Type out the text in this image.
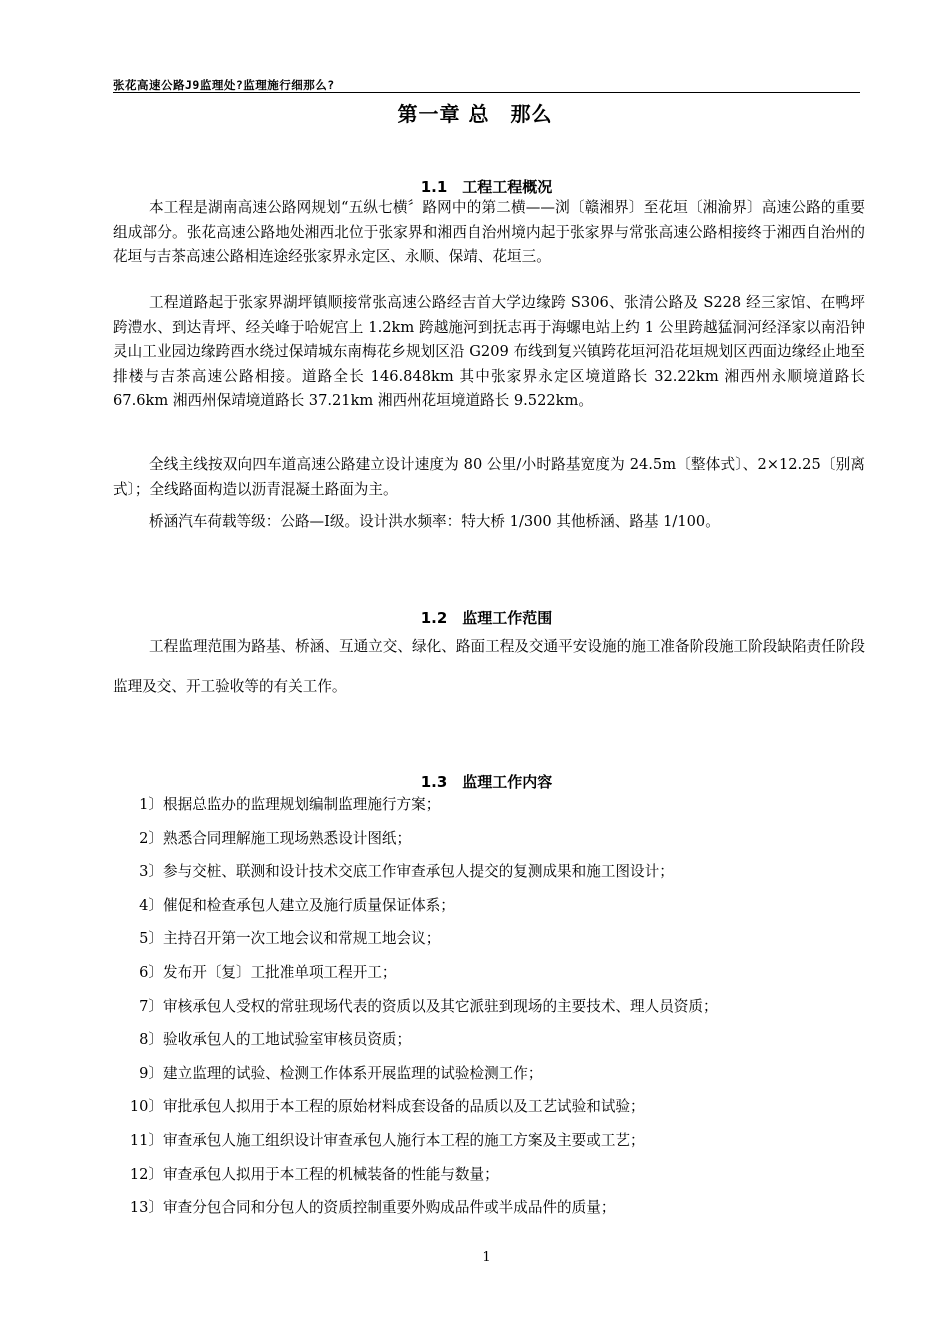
张花高速公路J9监理处?监理施行细那么?
第一章 总　那么
1.1　工程工程概况

本工程是湖南高速公路网规划“五纵七横〞路网中的第二横——浏〔赣湘界〕至花垣〔湘渝界〕高速公路的重要组成部分。张花高速公路地处湘西北位于张家界和湘西自治州境内起于张家界与常张高速公路相接终于湘西自治州的花垣与吉茶高速公路相连途经张家界永定区、永顺、保靖、花垣三。

工程道路起于张家界湖坪镇顺接常张高速公路经吉首大学边缘跨 S306、张清公路及 S228 经三家馆、在鸭坪跨澧水、到达青坪、经关峰于哈妮宫上 1.2km 跨越施河到抚志再于海螺电站上约 1 公里跨越猛洞河经泽家以南沿钟灵山工业园边缘跨酉水绕过保靖城东南梅花乡规划区沿 G209 布线到复兴镇跨花垣河沿花垣规划区西面边缘经止地至排楼与吉茶高速公路相接。道路全长 146.848km 其中张家界永定区境道路长 32.22km 湘西州永顺境道路长 67.6km 湘西州保靖境道路长 37.21km 湘西州花垣境道路长 9.522km。

全线主线按双向四车道高速公路建立设计速度为 80 公里/小时路基宽度为 24.5m〔整体式〕、2×12.25〔别离式〕；全线路面构造以沥青混凝土路面为主。

桥涵汽车荷载等级：公路—Ⅰ级。设计洪水频率：特大桥 1/300 其他桥涵、路基 1/100。

1.2　监理工作范围

工程监理范围为路基、桥涵、互通立交、绿化、路面工程及交通平安设施的施工准备阶段施工阶段缺陷责任阶段监理及交、开工验收等的有关工作。

1.3　监理工作内容
1〕根据总监办的监理规划编制监理施行方案；
2〕熟悉合同理解施工现场熟悉设计图纸；
3〕参与交桩、联测和设计技术交底工作审查承包人提交的复测成果和施工图设计；
4〕催促和检查承包人建立及施行质量保证体系；
5〕主持召开第一次工地会议和常规工地会议；
6〕发布开〔复〕工批准单项工程开工；
7〕审核承包人受权的常驻现场代表的资质以及其它派驻到现场的主要技术、理人员资质；
8〕验收承包人的工地试验室审核员资质；
9〕建立监理的试验、检测工作体系开展监理的试验检测工作；
10〕审批承包人拟用于本工程的原始材料成套设备的品质以及工艺试验和试验；
11〕审查承包人施工组织设计审查承包人施行本工程的施工方案及主要或工艺；
12〕审查承包人拟用于本工程的机械装备的性能与数量；
13〕审查分包合同和分包人的资质控制重要外购成品件或半成品件的质量；
1
